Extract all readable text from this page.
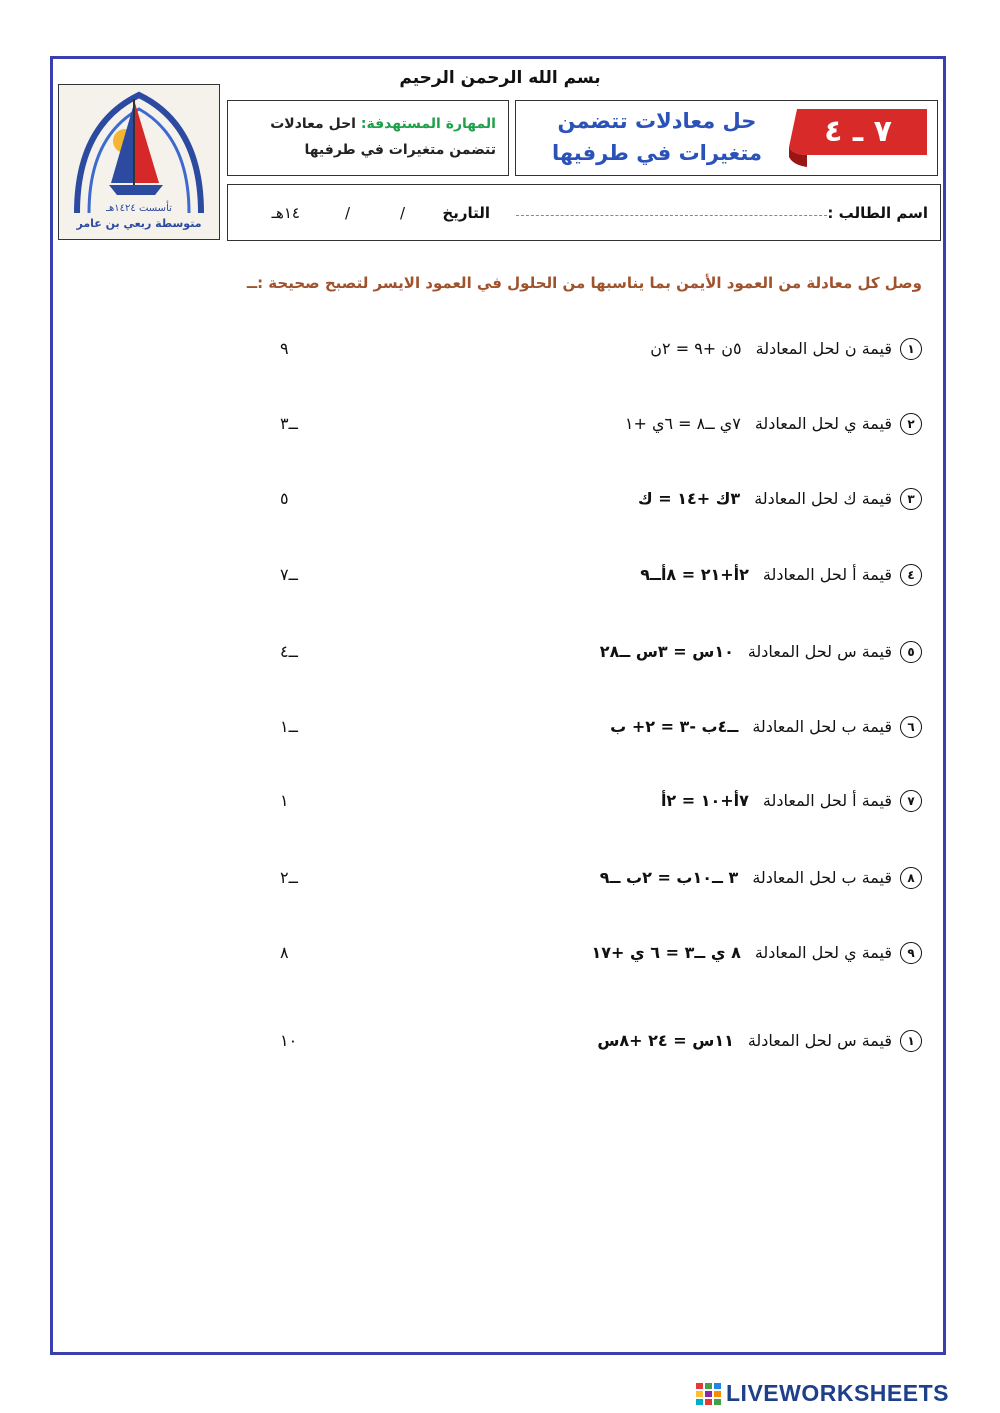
بسم الله الرحمن الرحيم
تأسست ١٤٢٤هـ
متوسطة ربعي بن عامر
المهارة المستهدفة: احل معادلات
تتضمن متغيرات في طرفيها
حل معادلات تتضمن
متغيرات في طرفيها
٧ ـ ٤
اسم الطالب :
التاريخ
/
/
١٤هـ
وصل كل معادلة من العمود الأيمن بما يناسبها من الحلول في العمود الايسر لتصبح صحيحة :ــ
١
قيمة ن لحل المعادلة٥ن +٩ = ٢ن
٩
٢
قيمة ي لحل المعادلة٧ي ــ٨ = ٦ي +١
ــ٣
٣
قيمة ك لحل المعادلة٣ك +١٤ = ك
٥
٤
قيمة أ لحل المعادلة٢أ+٢١ = ٨أــ٩
ــ٧
٥
قيمة س لحل المعادلة١٠س = ٣س ــ٢٨
ــ٤
٦
قيمة ب لحل المعادلةــ٤ب -٣ = ٢+ ب
ــ١
٧
قيمة أ لحل المعادلة٧أ+١٠ = ٢أ
١
٨
قيمة ب لحل المعادلة٣ ــ١٠ب = ٢ب ــ٩
ــ٢
٩
قيمة ي لحل المعادلة٨ ي ــ٣ = ٦ ي +١٧
٨
١
قيمة س لحل المعادلة١١س = ٢٤ +٨س
١٠
LIVEWORKSHEETS
